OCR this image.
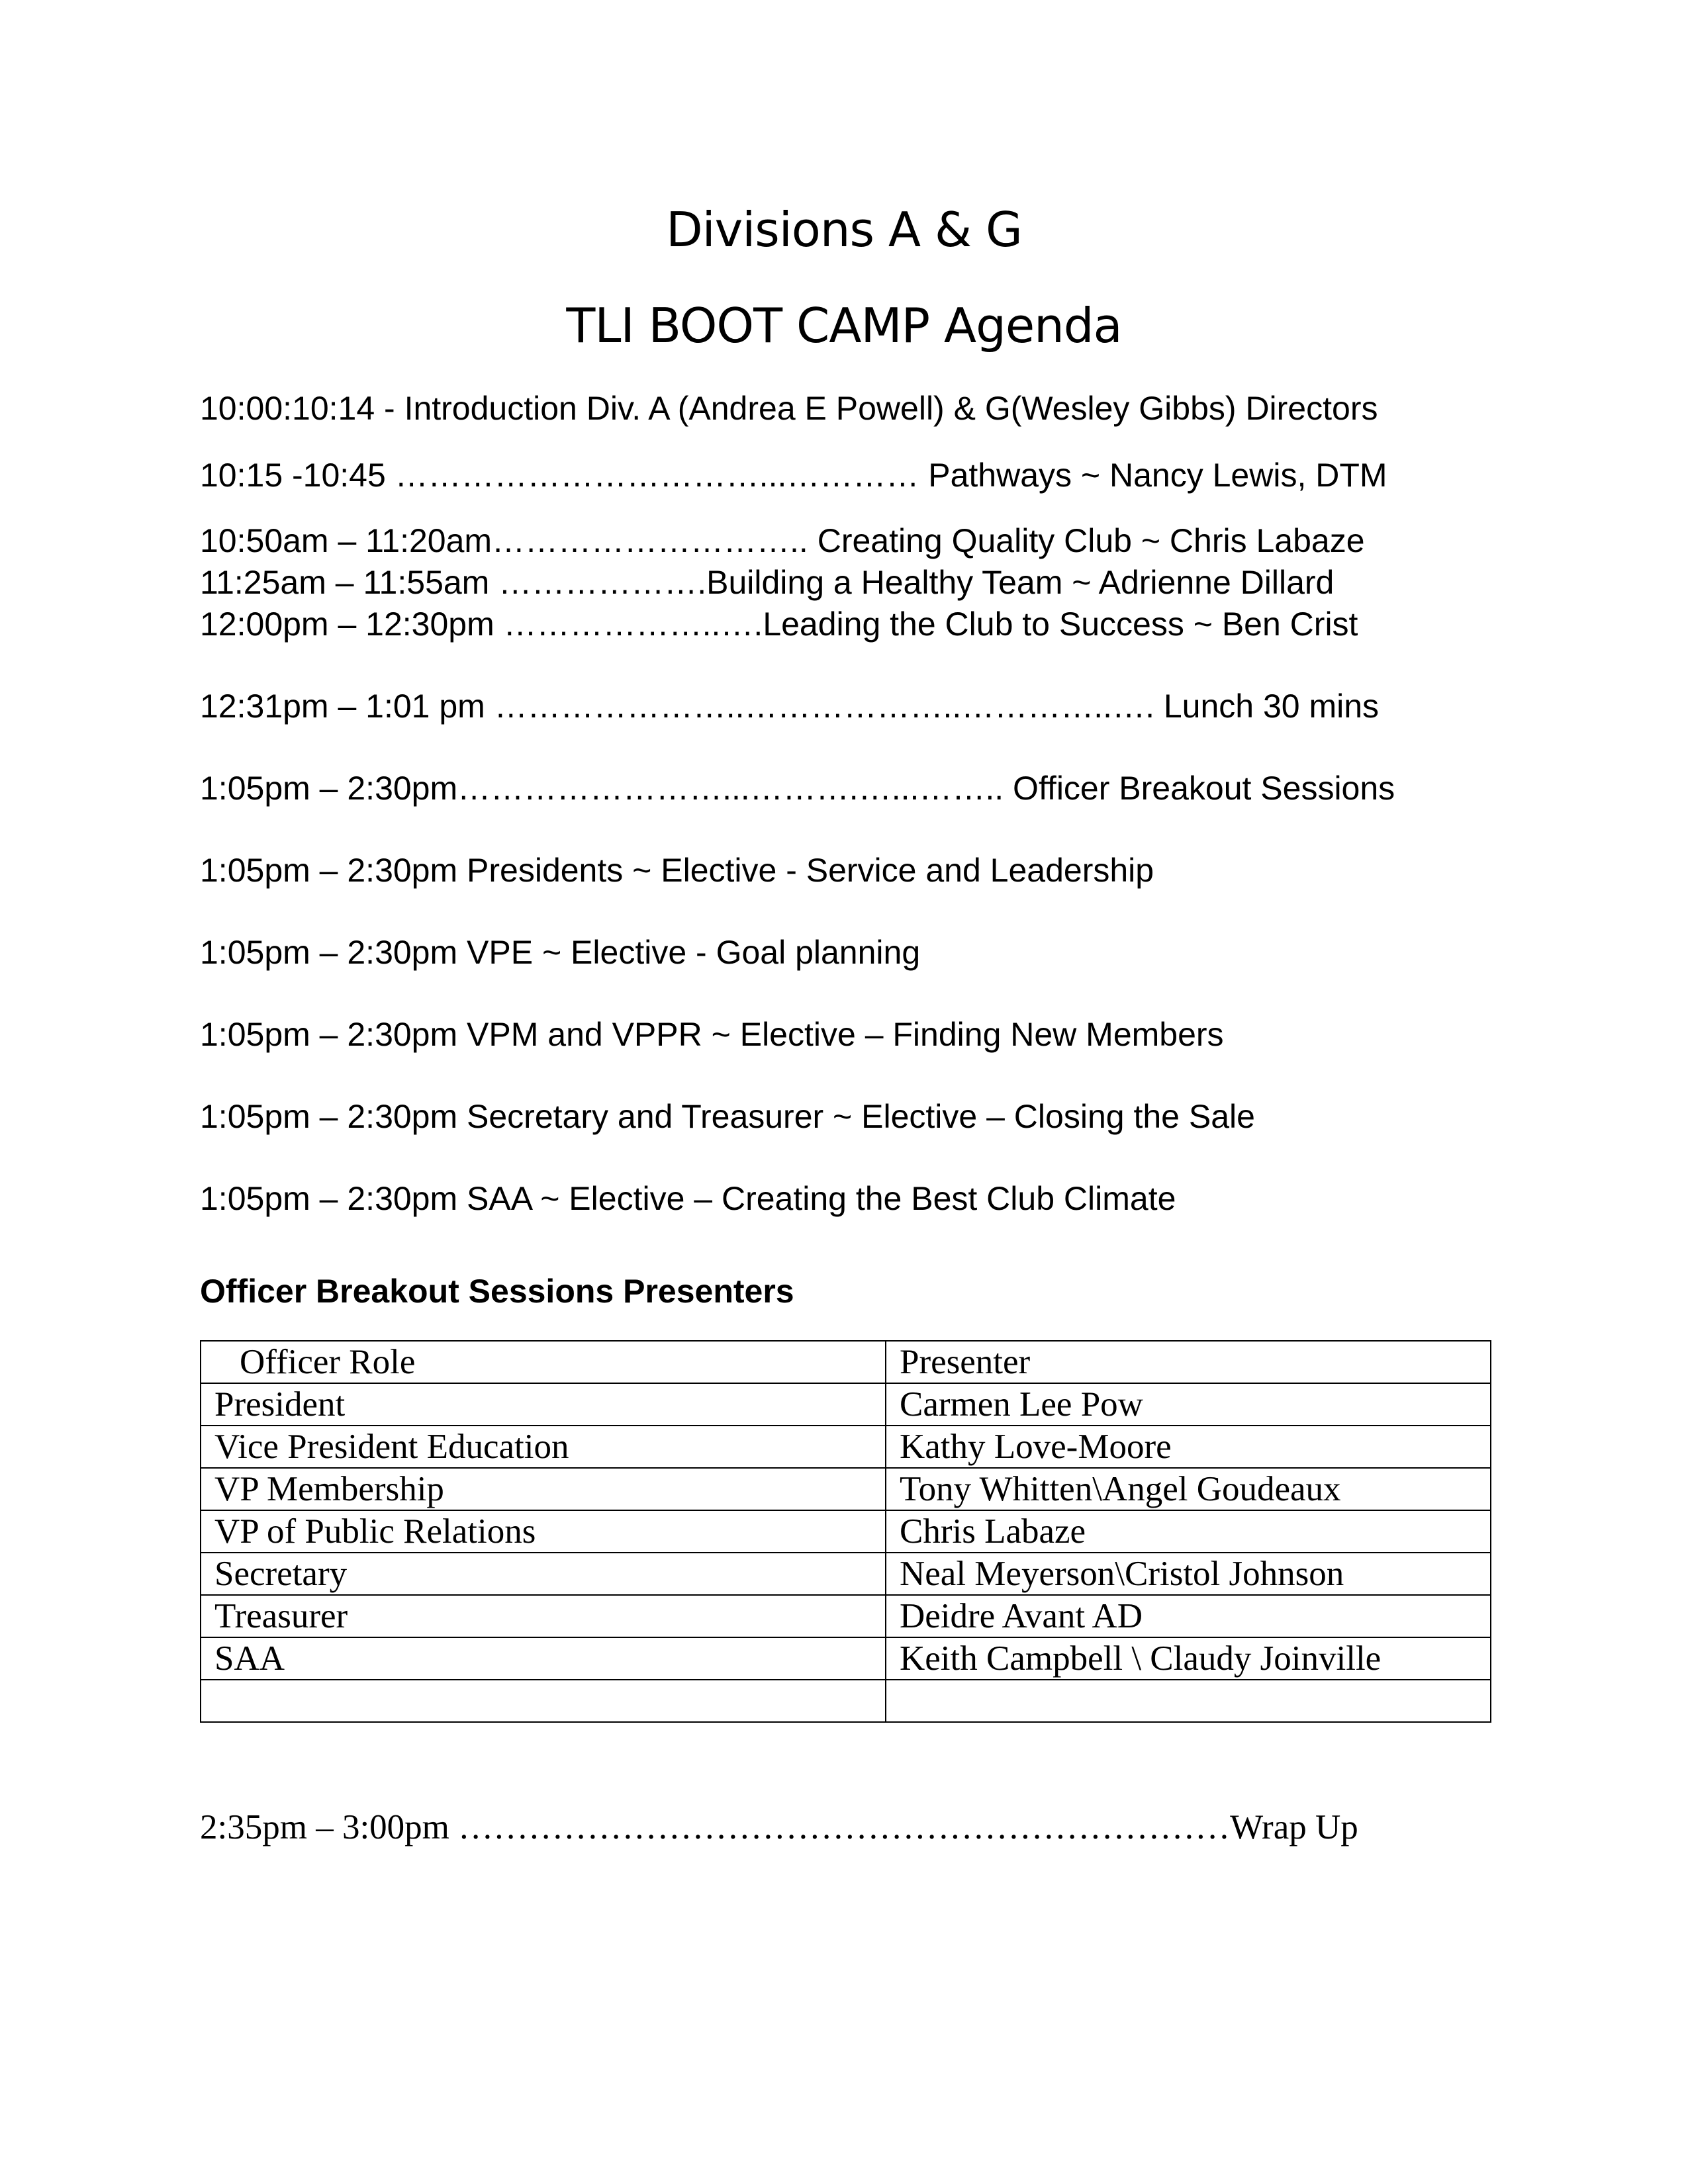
Divisions A & G
TLI BOOT CAMP Agenda
10:00:10:14 - Introduction Div. A (Andrea E Powell) & G(Wesley Gibbs) Directors
10:15 -10:45 ……………………………...………… Pathways ~ Nancy Lewis, DTM
10:50am – 11:20am……………………….. Creating Quality Club ~ Chris Labaze
11:25am – 11:55am ……………….Building a Healthy Team ~ Adrienne Dillard
12:00pm – 12:30pm ………………..….Leading the Club to Success ~ Ben Crist
12:31pm – 1:01 pm …………………..………………..…………..…. Lunch 30 mins
1:05pm – 2:30pm……………………...……….…...…….. Officer Breakout Sessions
1:05pm – 2:30pm Presidents ~ Elective - Service and Leadership
1:05pm – 2:30pm VPE ~ Elective - Goal planning
1:05pm – 2:30pm VPM and VPPR ~ Elective – Finding New Members
1:05pm – 2:30pm Secretary and Treasurer ~ Elective – Closing the Sale
1:05pm – 2:30pm SAA ~ Elective – Creating the Best Club Climate
Officer Breakout Sessions Presenters
Officer Role	Presenter
President	Carmen Lee Pow
Vice President Education	Kathy Love-Moore
VP Membership	Tony Whitten\Angel Goudeaux
VP of Public Relations	Chris Labaze
Secretary	Neal Meyerson\Cristol Johnson
Treasurer	Deidre Avant AD
SAA	Keith Campbell \ Claudy Joinville

2:35pm – 3:00pm …………………………………………………………Wrap Up
